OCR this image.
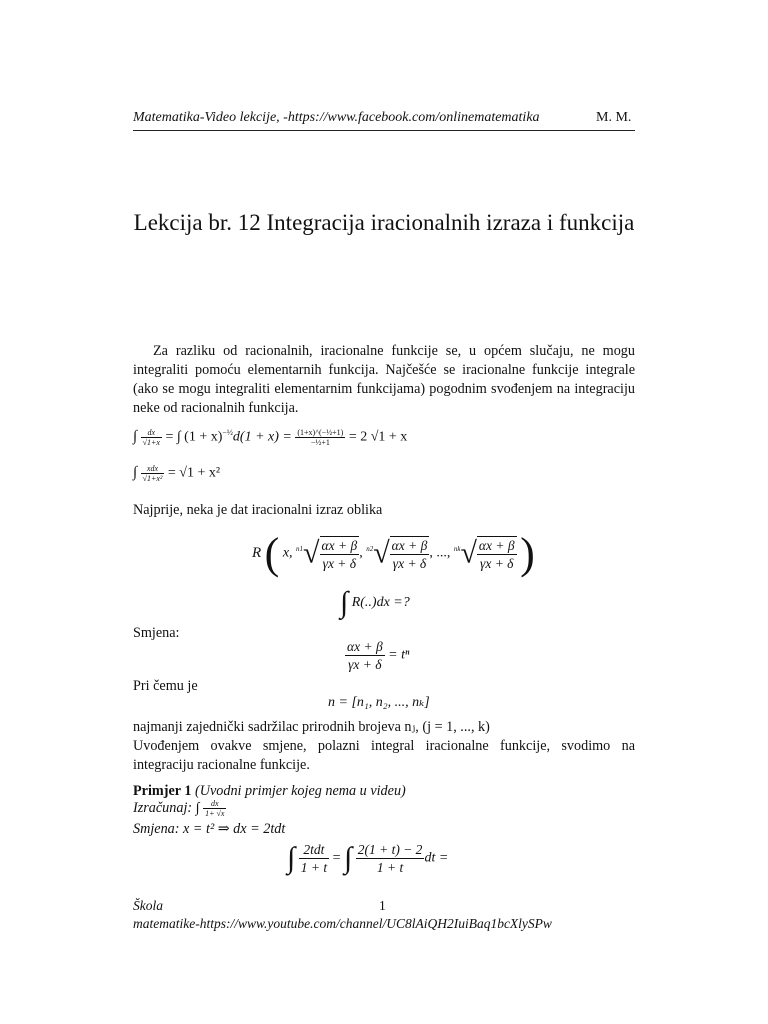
Matematika-Video lekcije, -https://www.facebook.com/onlinematematika	M. M.
Lekcija br. 12 Integracija iracionalnih izraza i funkcija
Za razliku od racionalnih, iracionalne funkcije se, u općem slučaju, ne mogu integraliti pomoću elementarnih funkcija. Najčešće se iracionalne funkcije integrale (ako se mogu integraliti elementarnim funkcijama) pogodnim svođenjem na integraciju neke od racionalnih funkcija.
∫ $\frac{dx}{√1+x}$ = ∫ $(1 + x)^{-\frac{1}{2}}d(1 + x) = \frac{\text{(1+x)\textasciicircum{}(−½+1)}}{\text{−½+1}} = 2$ √1 + x
∫ $\frac{\text{xdx}}{\text{√1+x²}} = √1 + x^2$
Najprije, neka je dat iracionalni izraz oblika
R ( x, $^{n1}√ \frac{\alpha x + \beta}{\gamma x + \delta}$ , $^{n2}√ \frac{\alpha x + \beta}{\gamma x + \delta}$ , ..., $^{nk}√ \frac{\alpha x + \beta}{\gamma x + \delta}$ )
∫ R(..)dx =?
Smjena:
$\frac{\alpha x + \beta}{\gamma x + \delta} = t^n$
Pri čemu je
n = [n₁, n₂, ..., nₖ]
najmanji zajednički sadržilac prirodnih brojeva nⱼ, (j = 1, ..., k)
Uvođenjem ovakve smjene, polazni integral iracionalne funkcije, svodimo na integraciju racionalne funkcije.
Primjer 1 (Uvodni primjer kojeg nema u videu)
Izračunaj: ∫ $\frac{dx}{1+ √x}$
Smjena: x = t² ⇒ dx = 2tdt
∫ $\frac{\text{2tdt}}{1 + t}$ = ∫ $\frac{2(1 + t) - 2}{1 + t}$ dt =
Škola	1
matematike-https://www.youtube.com/channel/UC8lAiQH2IuiBaq1bcXlySPw
